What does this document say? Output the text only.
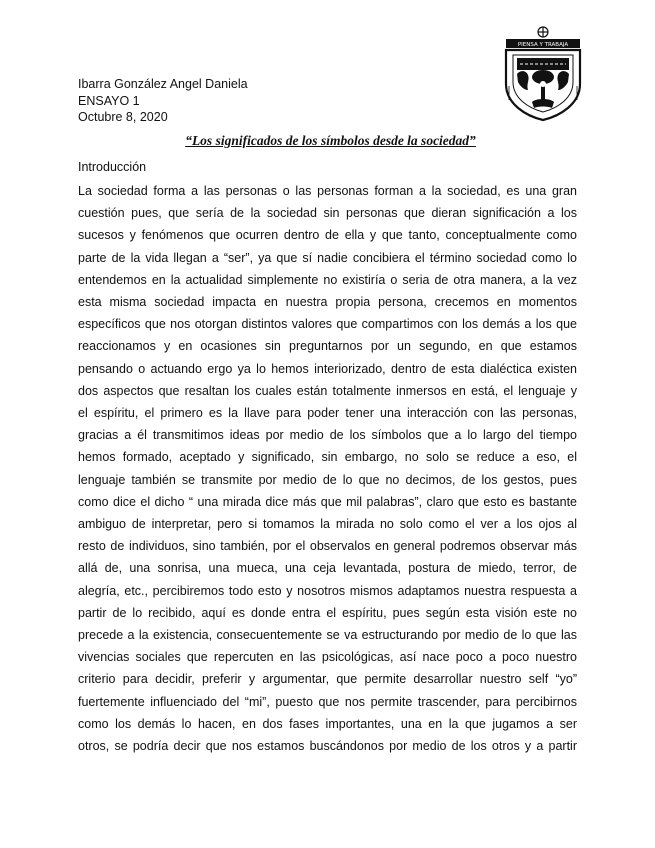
Ibarra González Angel Daniela
ENSAYO 1
Octubre 8, 2020
PIENSA Y TRABAJA
“Los significados de los símbolos desde la sociedad”
Introducción
La sociedad forma a las personas o las personas forman a la sociedad, es una gran
cuestión pues, que sería de la sociedad sin personas que dieran significación a los
sucesos y fenómenos que ocurren dentro de ella y que tanto, conceptualmente como
parte de la vida llegan a “ser”, ya que sí nadie concibiera el término sociedad como lo
entendemos en la actualidad simplemente no existiría o seria de otra manera, a la vez
esta misma sociedad impacta en nuestra propia persona, crecemos en momentos
específicos que nos otorgan distintos valores que compartimos con los demás a los que
reaccionamos y en ocasiones sin preguntarnos por un segundo, en que estamos
pensando o actuando ergo ya lo hemos interiorizado, dentro de esta dialéctica existen
dos aspectos que resaltan los cuales están totalmente inmersos en está, el lenguaje y
el espíritu, el primero es la llave para poder tener una interacción con las personas,
gracias a él transmitimos ideas por medio de los símbolos que a lo largo del tiempo
hemos formado, aceptado y significado, sin embargo, no solo se reduce a eso, el
lenguaje también se transmite por medio de lo que no decimos, de los gestos, pues
como dice el dicho “ una mirada dice más que mil palabras”, claro que esto es bastante
ambiguo de interpretar, pero si tomamos la mirada no solo como el ver a los ojos al
resto de individuos, sino también, por el observalos en general podremos observar más
allá de, una sonrisa, una mueca, una ceja levantada, postura de miedo, terror, de
alegría, etc., percibiremos todo esto y nosotros mismos adaptamos nuestra respuesta a
partir de lo recibido, aquí es donde entra el espíritu, pues según esta visión este no
precede a la existencia, consecuentemente se va estructurando por medio de lo que las
vivencias sociales que repercuten en las psicológicas, así nace poco a poco nuestro
criterio para decidir, preferir y argumentar, que permite desarrollar nuestro self “yo”
fuertemente influenciado del “mi”, puesto que nos permite trascender, para percibirnos
como los demás lo hacen, en dos fases importantes, una en la que jugamos a ser
otros, se podría decir que nos estamos buscándonos por medio de los otros y a partir
